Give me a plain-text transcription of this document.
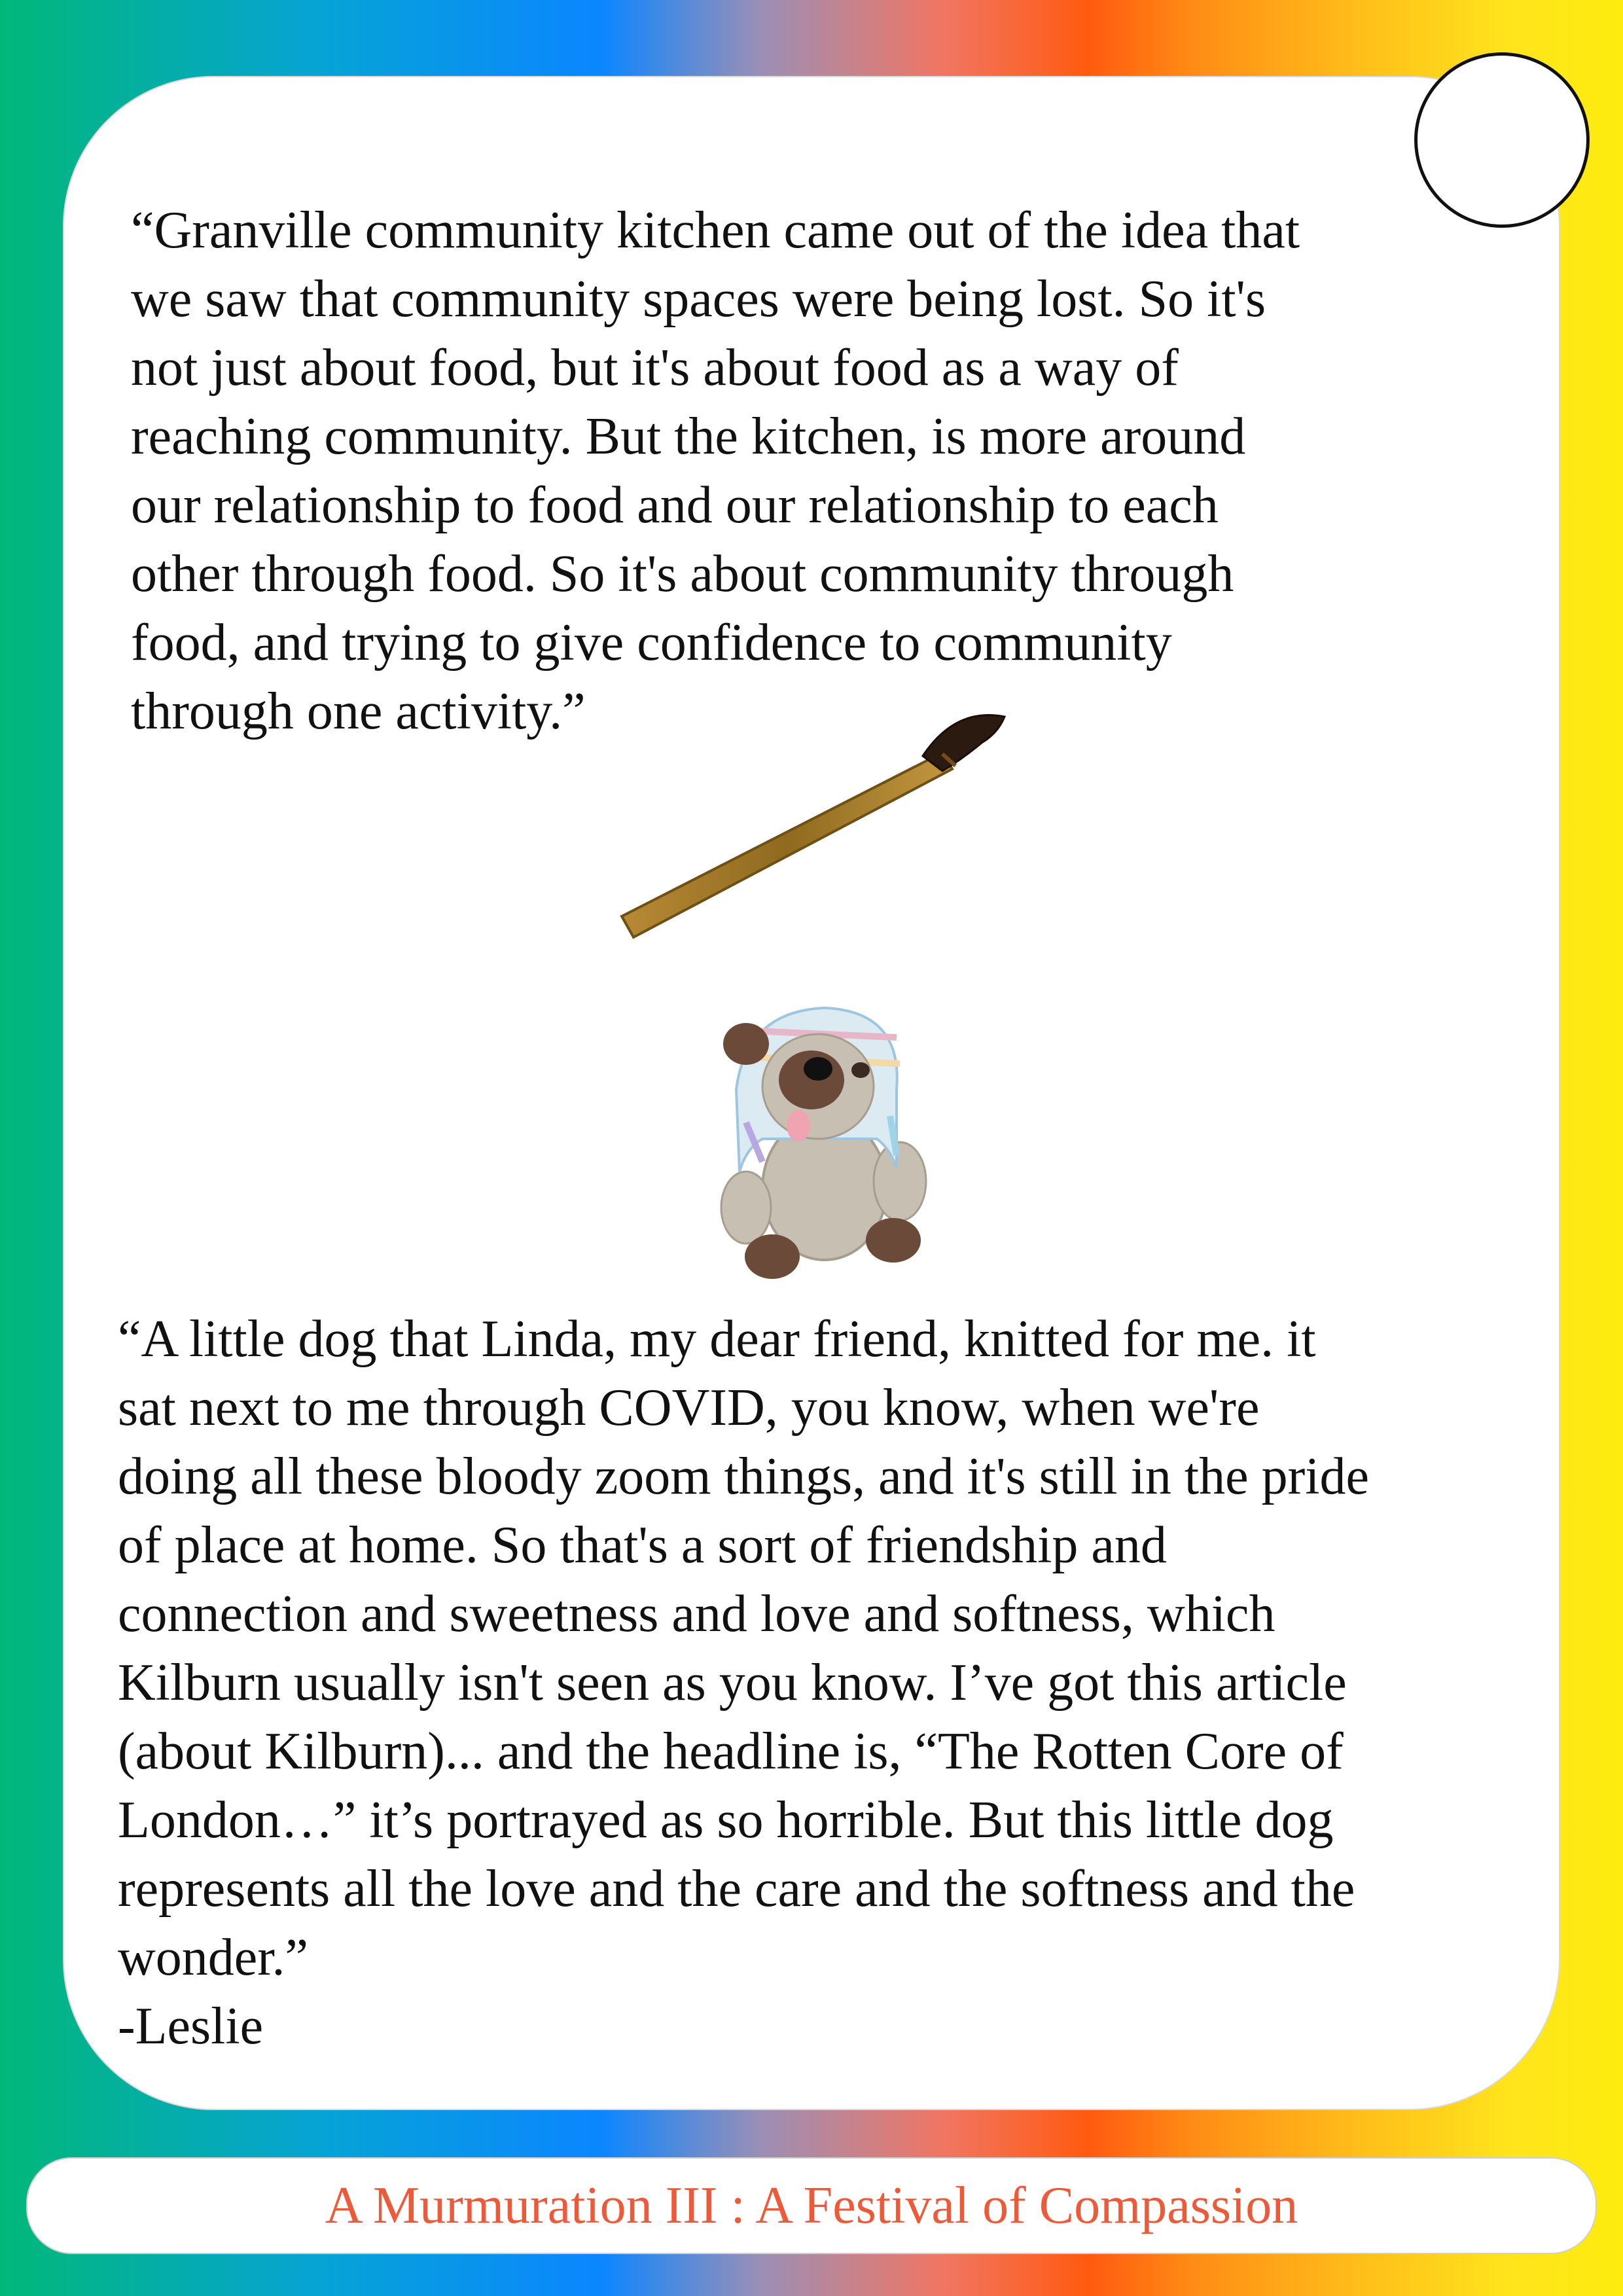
“Granville community kitchen came out of the idea that
we saw that community spaces were being lost. So it's
not just about food, but it's about food as a way of
reaching community. But the kitchen, is more around
our relationship to food and our relationship to each
other through food. So it's about community through
food, and trying to give confidence to community
through one activity.”

“A little dog that Linda, my dear friend, knitted for me. it
sat next to me through COVID, you know, when we're
doing all these bloody zoom things, and it's still in the pride
of place at home. So that's a sort of friendship and
connection and sweetness and love and softness, which
Kilburn usually isn't seen as you know. I’ve got this article
(about Kilburn)... and the headline is, “The Rotten Core of
London…” it’s portrayed as so horrible. But this little dog
represents all the love and the care and the softness and the
wonder.”
-Leslie

A Murmuration III : A Festival of Compassion
